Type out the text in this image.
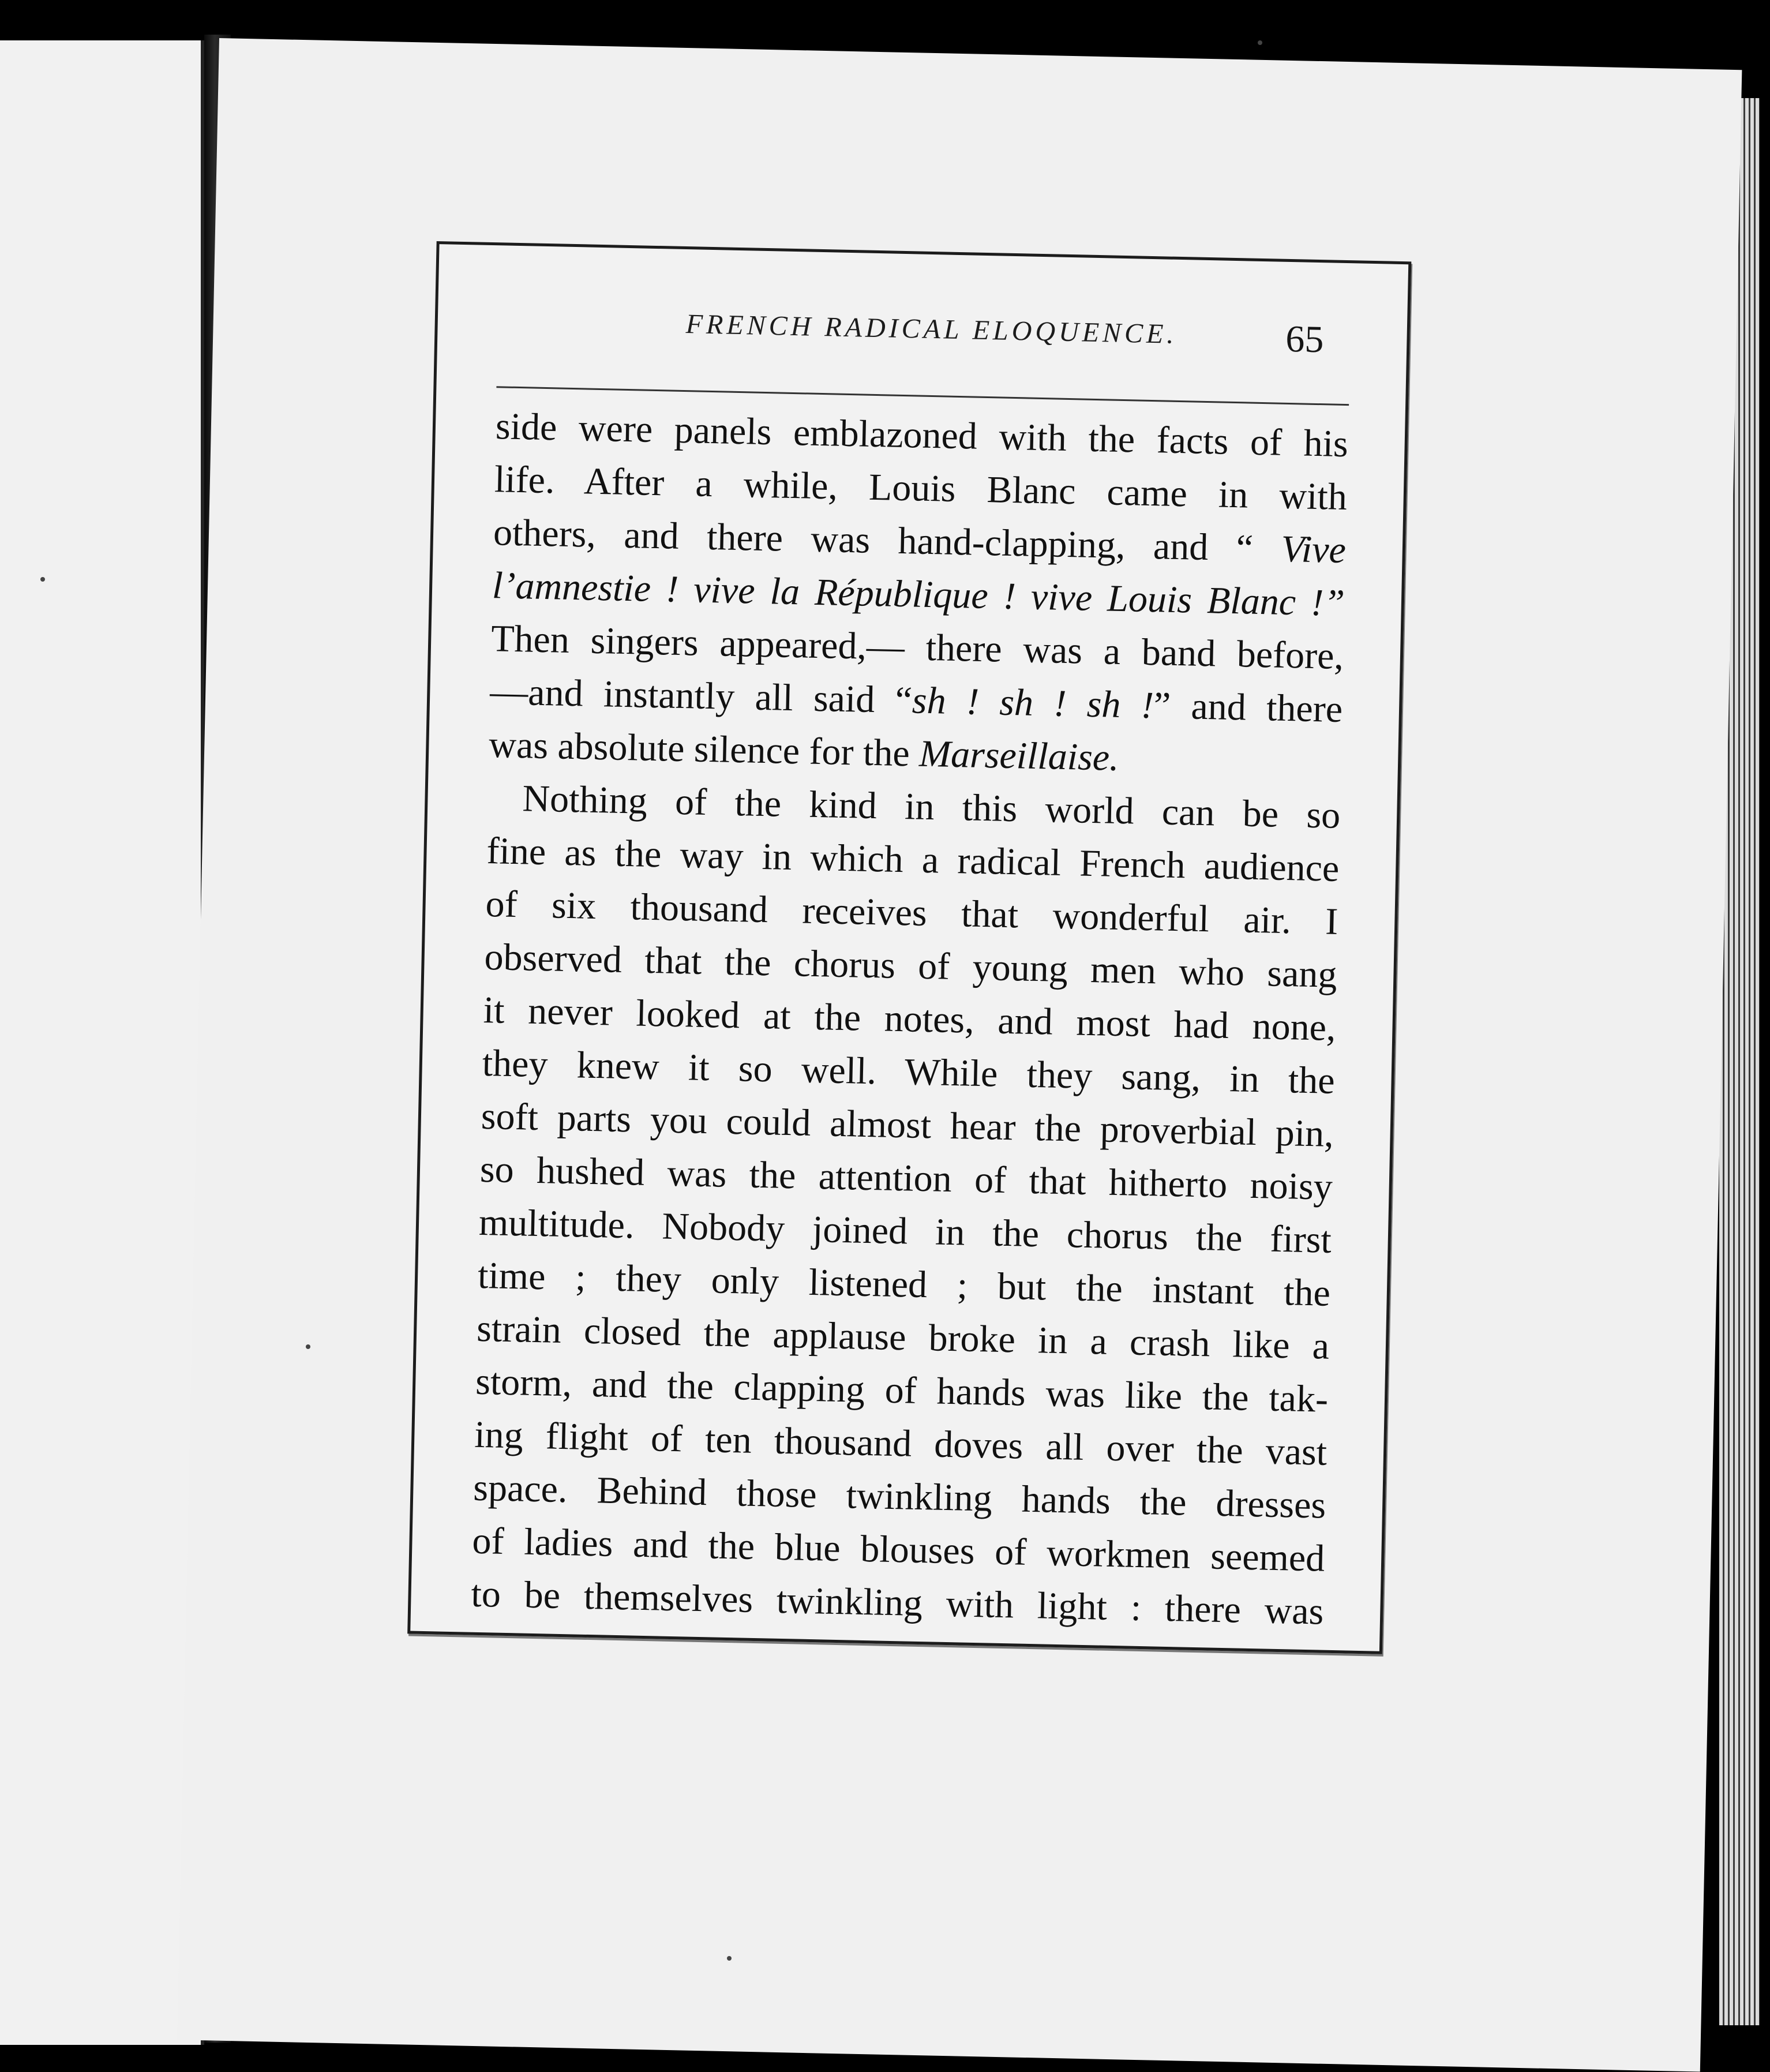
FRENCH RADICAL ELOQUENCE.	65
side were panels emblazoned with the facts of his
life. After a while, Louis Blanc came in with
others, and there was hand-clapping, and “ Vive
l’amnestie ! vive la République ! vive Louis Blanc !”
Then singers appeared,— there was a band before,
—and instantly all said “sh ! sh ! sh !” and there
was absolute silence for the Marseillaise.
Nothing of the kind in this world can be so
fine as the way in which a radical French audience
of six thousand receives that wonderful air. I
observed that the chorus of young men who sang
it never looked at the notes, and most had none,
they knew it so well. While they sang, in the
soft parts you could almost hear the proverbial pin,
so hushed was the attention of that hitherto noisy
multitude. Nobody joined in the chorus the first
time ; they only listened ; but the instant the
strain closed the applause broke in a crash like a
storm, and the clapping of hands was like the tak-
ing flight of ten thousand doves all over the vast
space. Behind those twinkling hands the dresses
of ladies and the blue blouses of workmen seemed
to be themselves twinkling with light : there was
